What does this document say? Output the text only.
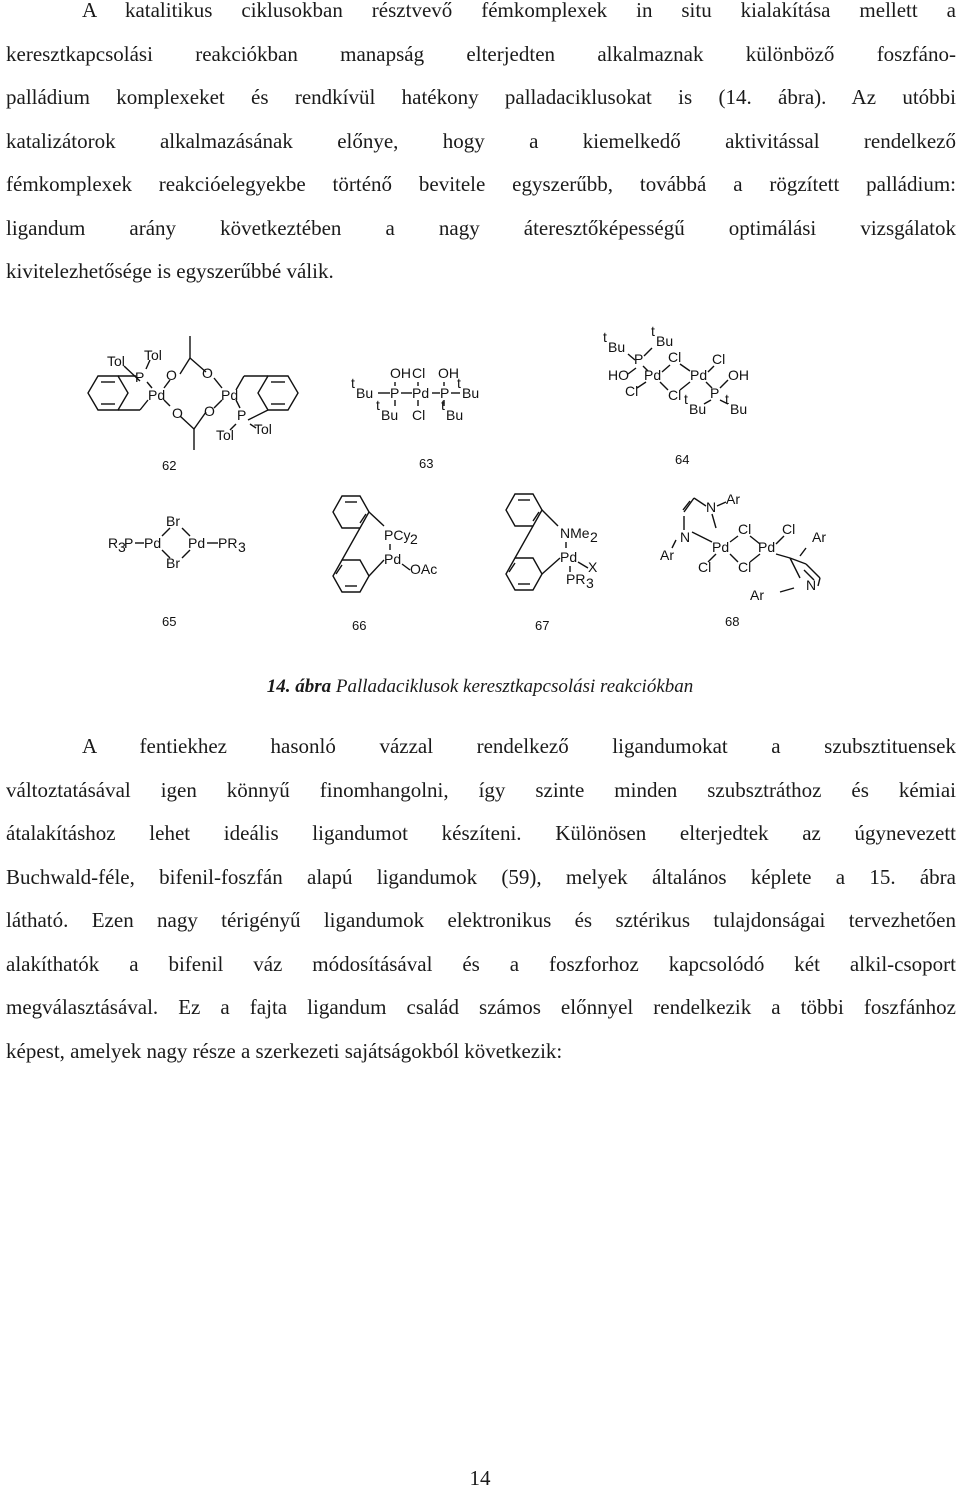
A katalitikus ciklusokban résztvevő fémkomplexek in situ kialakítása mellett a
keresztkapcsolási reakciókban manapság elterjedten alkalmaznak különböző foszfáno-
palládium komplexeket és rendkívül hatékony palladaciklusokat is (14. ábra). Az utóbbi
katalizátorok alkalmazásának előnye, hogy a kiemelkedő aktivitással rendelkező
fémkomplexek reakcióelegyekbe történő bevitele egyszerűbb, továbbá a rögzített palládium:
ligandum arány következtében a nagy áteresztőképességű optimálási vizsgálatok
kivitelezhetősége is egyszerűbbé válik.
Tol Tol
P
Pd
O O
O O
Pd
P
Tol Tol
OH Cl OH
t
Bu P Pd P
t
Bu
t
Bu Cl
t
Bu
t
Bu
t
Bu
P Cl Cl
HO Pd Pd OH
Cl Cl P
t
Bu
t
Bu
62	63	64
R 3
P Pd
Br
Br
Pd PR 3
PCy 2
Pd
OAc
NMe 2
Pd
X
PR 3
N Ar
N
Ar
Cl Cl
Pd Pd
Cl Cl
Ar
N
Ar
65	66	67	68
14. ábra Palladaciklusok keresztkapcsolási reakciókban
A fentiekhez hasonló vázzal rendelkező ligandumokat a szubsztituensek
változtatásával igen könnyű finomhangolni, így szinte minden szubsztráthoz és kémiai
átalakításhoz lehet ideális ligandumot készíteni. Különösen elterjedtek az úgynevezett
Buchwald-féle, bifenil-foszfán alapú ligandumok (59), melyek általános képlete a 15. ábra
látható. Ezen nagy térigényű ligandumok elektronikus és sztérikus tulajdonságai tervezhetően
alakíthatók a bifenil váz módosításával és a foszforhoz kapcsolódó két alkil-csoport
megválasztásával. Ez a fajta ligandum család számos előnnyel rendelkezik a többi foszfánhoz
képest, amelyek nagy része a szerkezeti sajátságokból következik:
14
